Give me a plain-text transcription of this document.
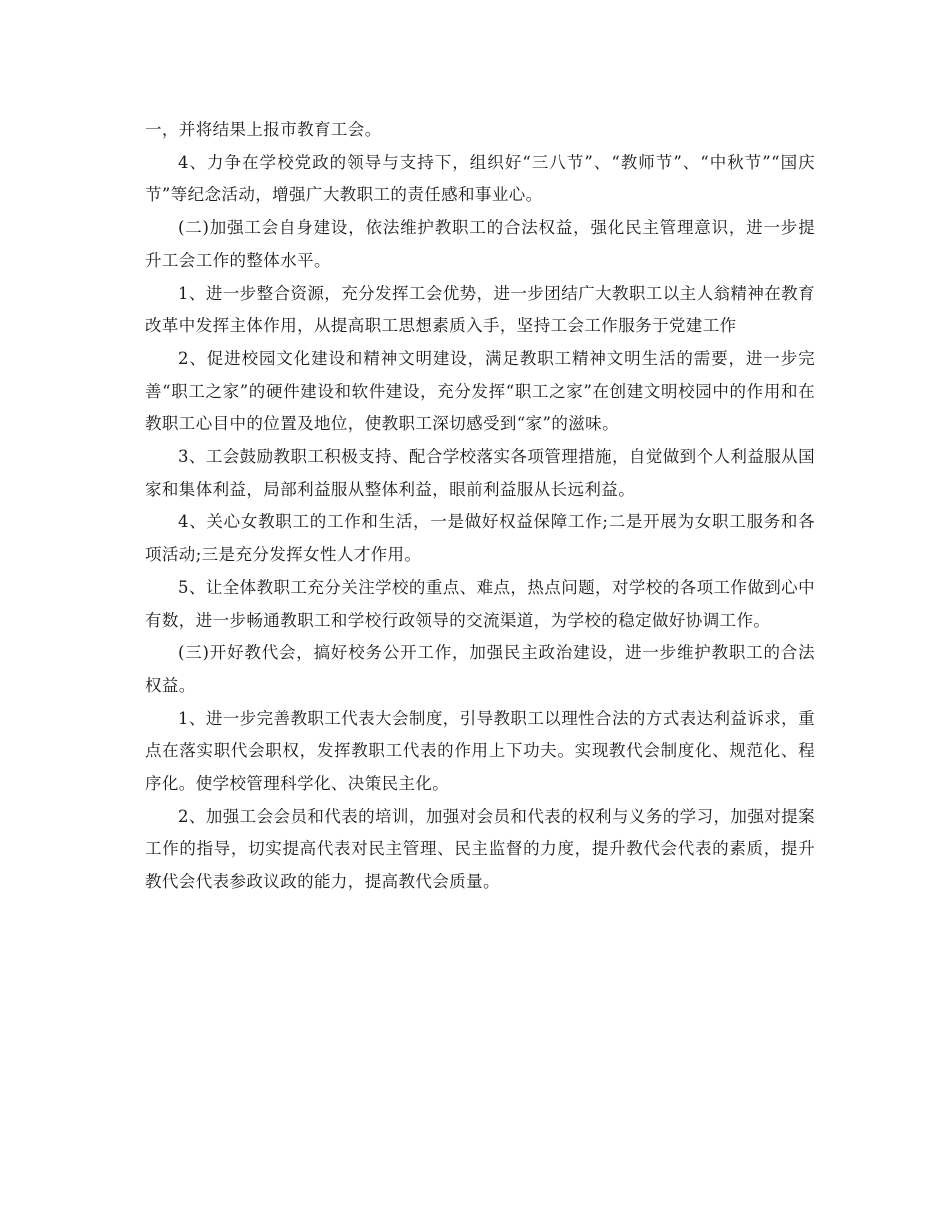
一，并将结果上报市教育工会。

4、力争在学校党政的领导与支持下，组织好“三八节”、“教师节”、“中秋节”“国庆节”等纪念活动，增强广大教职工的责任感和事业心。

(二)加强工会自身建设，依法维护教职工的合法权益，强化民主管理意识，进一步提升工会工作的整体水平。

1、进一步整合资源，充分发挥工会优势，进一步团结广大教职工以主人翁精神在教育改革中发挥主体作用，从提高职工思想素质入手，坚持工会工作服务于党建工作

2、促进校园文化建设和精神文明建设，满足教职工精神文明生活的需要，进一步完善“职工之家”的硬件建设和软件建设，充分发挥“职工之家”在创建文明校园中的作用和在教职工心目中的位置及地位，使教职工深切感受到“家”的滋味。

3、工会鼓励教职工积极支持、配合学校落实各项管理措施，自觉做到个人利益服从国家和集体利益，局部利益服从整体利益，眼前利益服从长远利益。

4、关心女教职工的工作和生活，一是做好权益保障工作;二是开展为女职工服务和各项活动;三是充分发挥女性人才作用。

5、让全体教职工充分关注学校的重点、难点，热点问题，对学校的各项工作做到心中有数，进一步畅通教职工和学校行政领导的交流渠道，为学校的稳定做好协调工作。

(三)开好教代会，搞好校务公开工作，加强民主政治建设，进一步维护教职工的合法权益。

1、进一步完善教职工代表大会制度，引导教职工以理性合法的方式表达利益诉求，重点在落实职代会职权，发挥教职工代表的作用上下功夫。实现教代会制度化、规范化、程序化。使学校管理科学化、决策民主化。

2、加强工会会员和代表的培训，加强对会员和代表的权利与义务的学习，加强对提案工作的指导，切实提高代表对民主管理、民主监督的力度，提升教代会代表的素质，提升教代会代表参政议政的能力，提高教代会质量。
